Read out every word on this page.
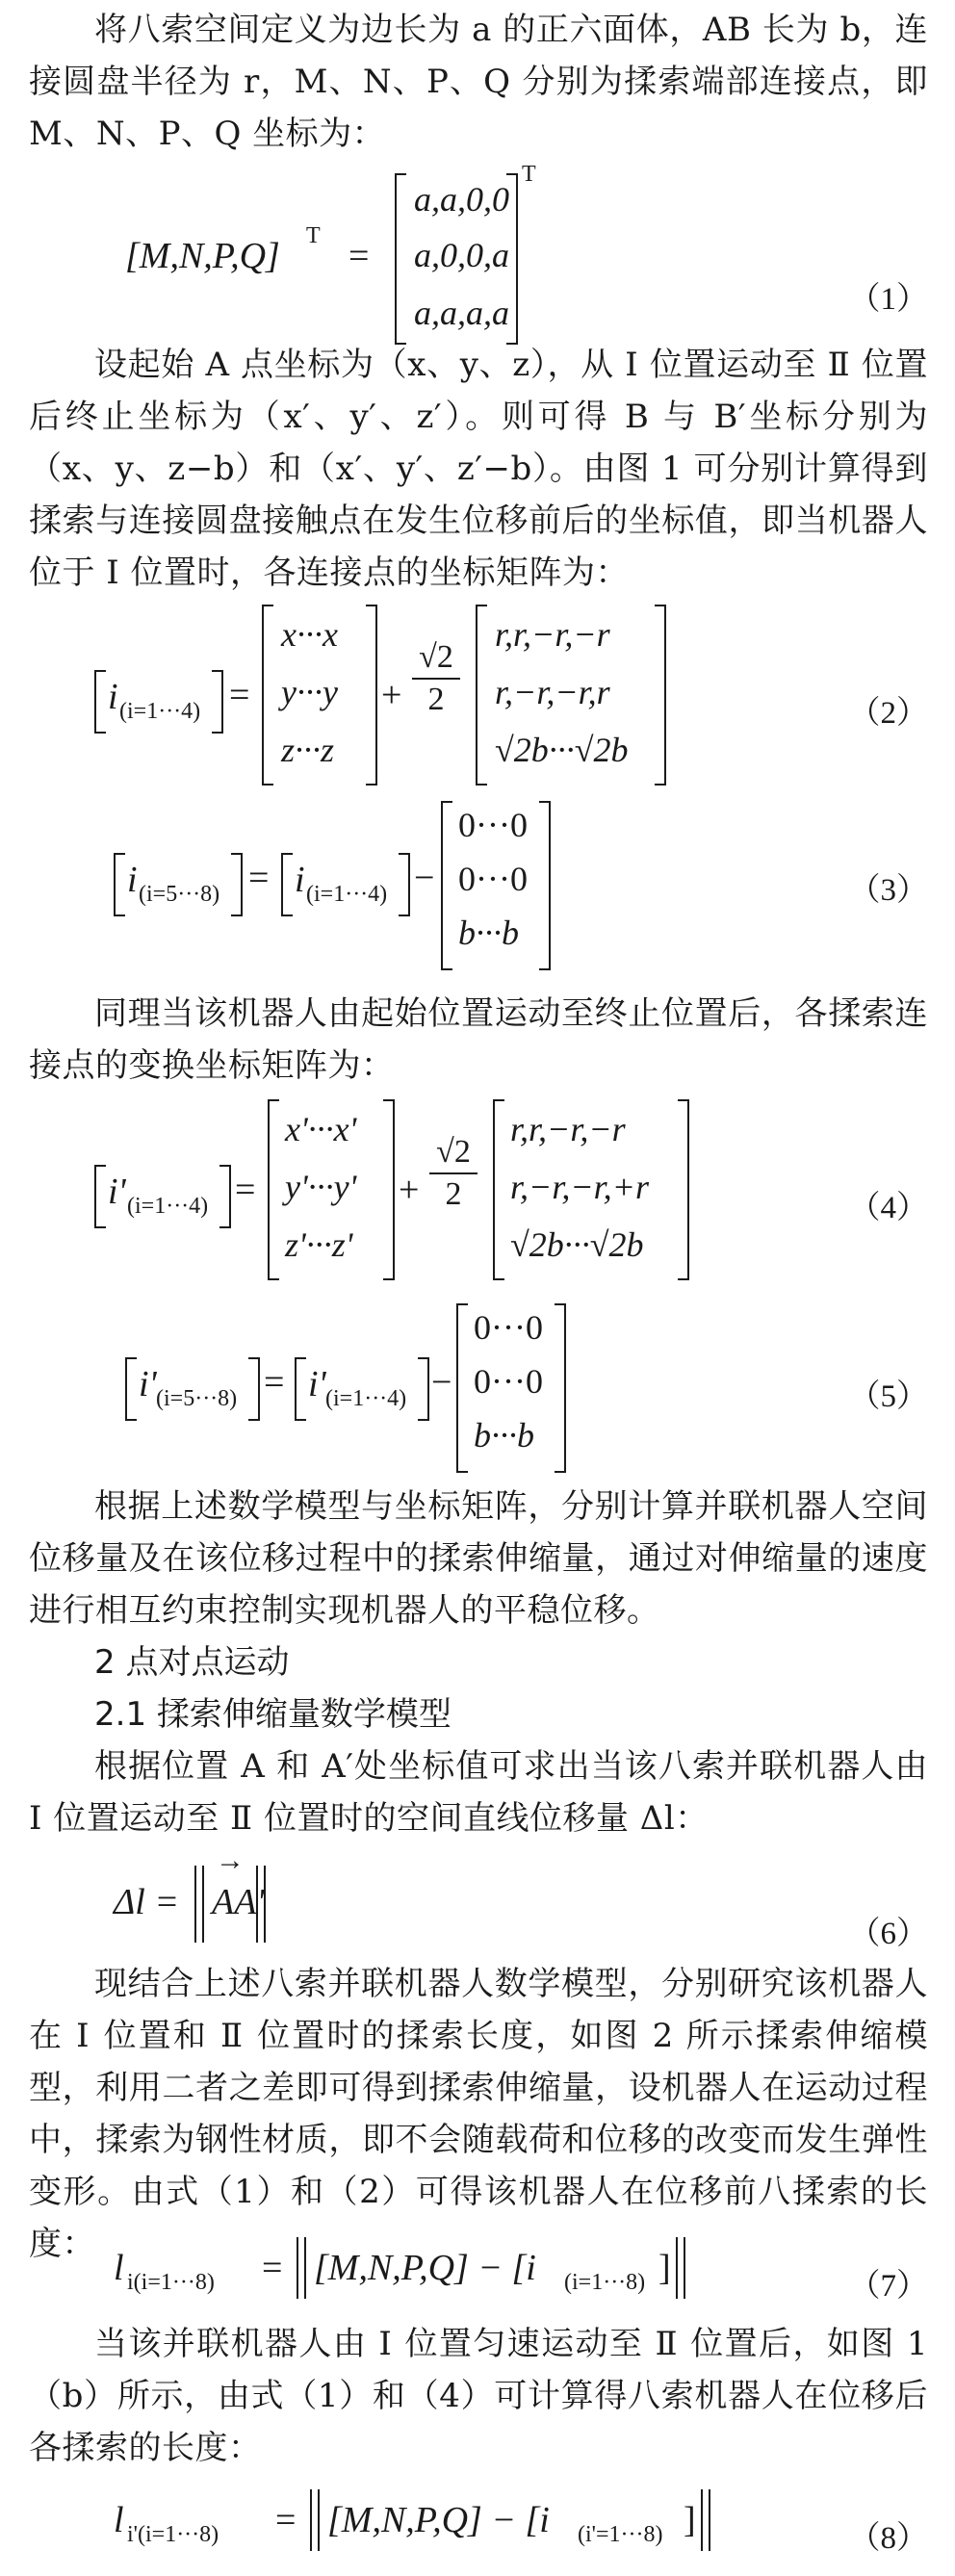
将八索空间定义为边长为 a 的正六面体，AB 长为 b，连接圆盘半径为 r，M、N、P、Q 分别为揉索端部连接点，即 M、N、P、Q 坐标为：

[M,N,P,Q] T =
a,a,0,0
a,0,0,a
a,a,a,a
T
（1）

设起始 A 点坐标为（x、y、z），从 Ⅰ 位置运动至 Ⅱ 位置后终止坐标为（x′、y′、z′）。则可得 B 与 B′坐标分别为（x、y、z−b）和（x′、y′、z′−b）。由图 1 可分别计算得到揉索与连接圆盘接触点在发生位移前后的坐标值，即当机器人位于 Ⅰ 位置时，各连接点的坐标矩阵为：

i (i=1···4) =
x···x
y···y
z···z
+
√2
2
r,r,−r,−r
r,−r,−r,r
√2b···√2b
（2）
i (i=5···8) = i (i=1···4) −
0···0
0···0
b···b
（3）

同理当该机器人由起始位置运动至终止位置后，各揉索连接点的变换坐标矩阵为：

i' (i=1···4) =
x'···x'
y'···y'
z'···z'
+
√2
2
r,r,−r,−r
r,−r,−r,+r
√2b···√2b
（4）
i' (i=5···8) = i' (i=1···4) −
0···0
0···0
b···b
（5）

根据上述数学模型与坐标矩阵，分别计算并联机器人空间位移量及在该位移过程中的揉索伸缩量，通过对伸缩量的速度进行相互约束控制实现机器人的平稳位移。

2 点对点运动

2.1 揉索伸缩量数学模型

根据位置 A 和 A′处坐标值可求出当该八索并联机器人由 Ⅰ 位置运动至 Ⅱ 位置时的空间直线位移量 Δl：

Δl =
→
AA'
（6）

现结合上述八索并联机器人数学模型，分别研究该机器人在 Ⅰ 位置和 Ⅱ 位置时的揉索长度，如图 2 所示揉索伸缩模型，利用二者之差即可得到揉索伸缩量，设机器人在运动过程中，揉索为钢性材质，即不会随载荷和位移的改变而发生弹性变形。由式（1）和（2）可得该机器人在位移前八揉索的长度：

l i(i=1···8) = [M,N,P,Q] − [i (i=1···8) ]	（7）

当该并联机器人由 Ⅰ 位置匀速运动至 Ⅱ 位置后，如图 1（b）所示，由式（1）和（4）可计算得八索机器人在位移后各揉索的长度：

l i'(i=1···8) = [M,N,P,Q] − [i (i'=1···8) ]	（8）
